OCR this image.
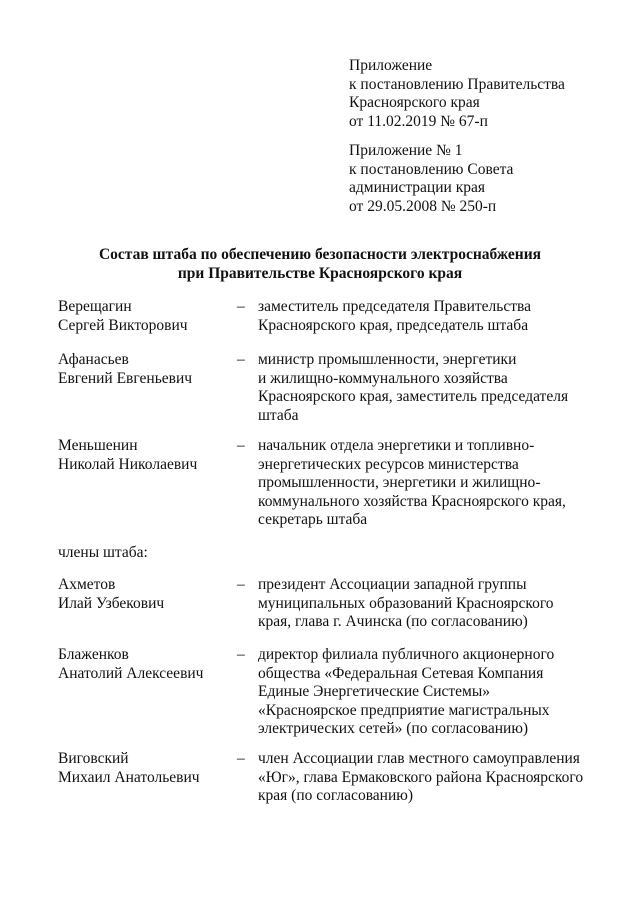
Приложение
к постановлению Правительства
Красноярского края
от 11.02.2019 № 67-п
Приложение № 1
к постановлению Совета
администрации края
от 29.05.2008 № 250-п
Состав штаба по обеспечению безопасности электроснабжения
при Правительстве Красноярского края
Верещагин
Сергей Викторович
– заместитель председателя Правительства
Красноярского края, председатель штаба
Афанасьев
Евгений Евгеньевич
– министр промышленности, энергетики
и жилищно-коммунального хозяйства
Красноярского края, заместитель председателя
штаба
Меньшенин
Николай Николаевич
– начальник отдела энергетики и топливно-
энергетических ресурсов министерства
промышленности, энергетики и жилищно-
коммунального хозяйства Красноярского края,
секретарь штаба
члены штаба:
Ахметов
Илай Узбекович
– президент Ассоциации западной группы
муниципальных образований Красноярского
края, глава г. Ачинска (по согласованию)
Блаженков
Анатолий Алексеевич
– директор филиала публичного акционерного
общества «Федеральная Сетевая Компания
Единые Энергетические Системы»
«Красноярское предприятие магистральных
электрических сетей» (по согласованию)
Виговский
Михаил Анатольевич
– член Ассоциации глав местного самоуправления
«Юг», глава Ермаковского района Красноярского
края (по согласованию)
